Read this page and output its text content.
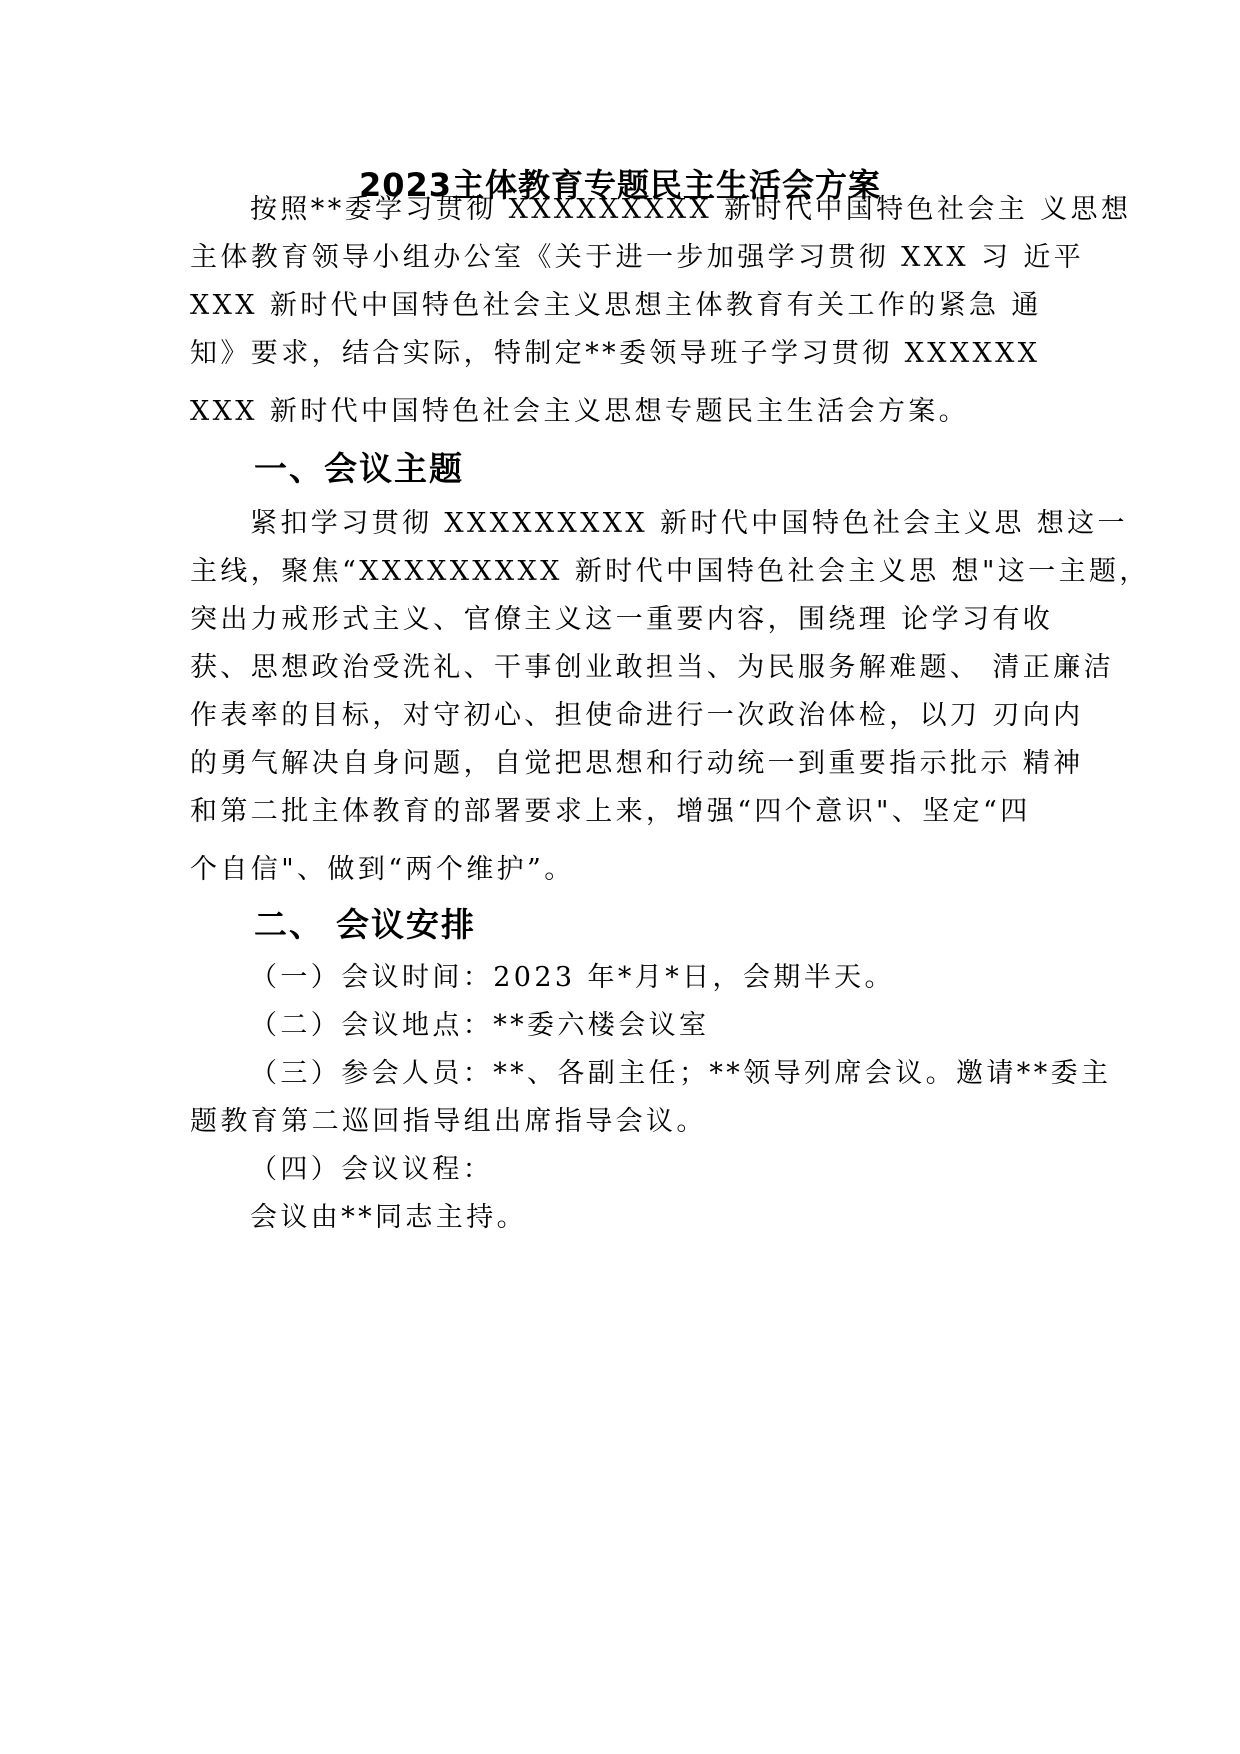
2023主体教育专题民主生活会方案
按照**委学习贯彻 XXXXXXXXX 新时代中国特色社会主 义思想
主体教育领导小组办公室《关于进一步加强学习贯彻 XXX 习 近平
XXX 新时代中国特色社会主义思想主体教育有关工作的紧急 通
知》要求，结合实际，特制定**委领导班子学习贯彻 XXXXXX
XXX 新时代中国特色社会主义思想专题民主生活会方案。
一、会议主题
紧扣学习贯彻 XXXXXXXXX 新时代中国特色社会主义思 想这一
主线，聚焦“XXXXXXXXX 新时代中国特色社会主义思 想"这一主题，
突出力戒形式主义、官僚主义这一重要内容，围绕理 论学习有收
获、思想政治受洗礼、干事创业敢担当、为民服务解难题、 清正廉洁
作表率的目标，对守初心、担使命进行一次政治体检，以刀 刃向内
的勇气解决自身问题，自觉把思想和行动统一到重要指示批示 精神
和第二批主体教育的部署要求上来，增强“四个意识"、坚定“四
个自信"、做到“两个维护”。
二、 会议安排
（一）会议时间：2023 年*月*日，会期半天。
（二）会议地点：**委六楼会议室
（三）参会人员：**、各副主任；**领导列席会议。邀请**委主
题教育第二巡回指导组出席指导会议。
（四）会议议程：
会议由**同志主持。
